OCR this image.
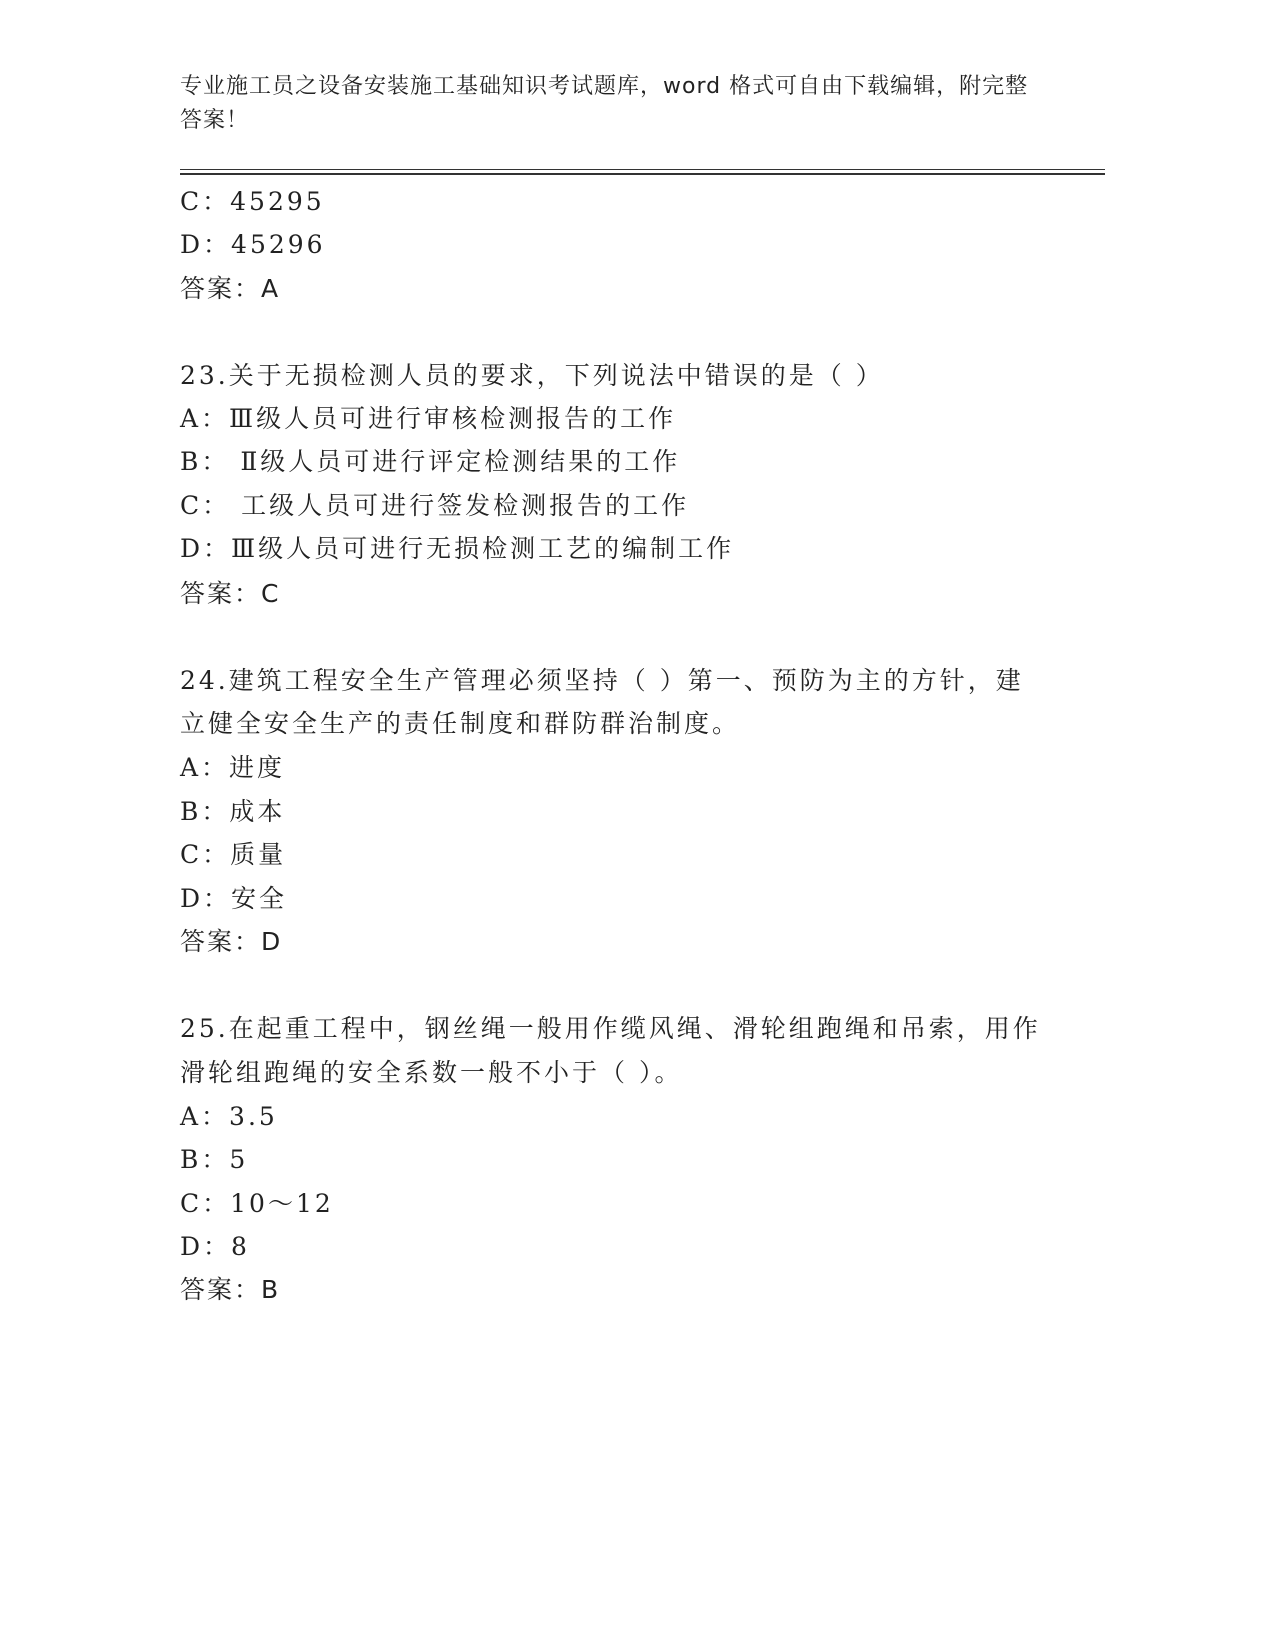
专业施工员之设备安装施工基础知识考试题库，word 格式可自由下载编辑，附完整答案！
C：45295
D：45296
答案：A
23.关于无损检测人员的要求，下列说法中错误的是（ ）
A：Ⅲ级人员可进行审核检测报告的工作
B： Ⅱ级人员可进行评定检测结果的工作
C： 工级人员可进行签发检测报告的工作
D：Ⅲ级人员可进行无损检测工艺的编制工作
答案：C
24.建筑工程安全生产管理必须坚持（ ）第一、预防为主的方针，建
立健全安全生产的责任制度和群防群治制度。
A：进度
B：成本
C：质量
D：安全
答案：D
25.在起重工程中，钢丝绳一般用作缆风绳、滑轮组跑绳和吊索，用作
滑轮组跑绳的安全系数一般不小于（ ）。
A：3.5
B：5
C：10～12
D：8
答案：B
